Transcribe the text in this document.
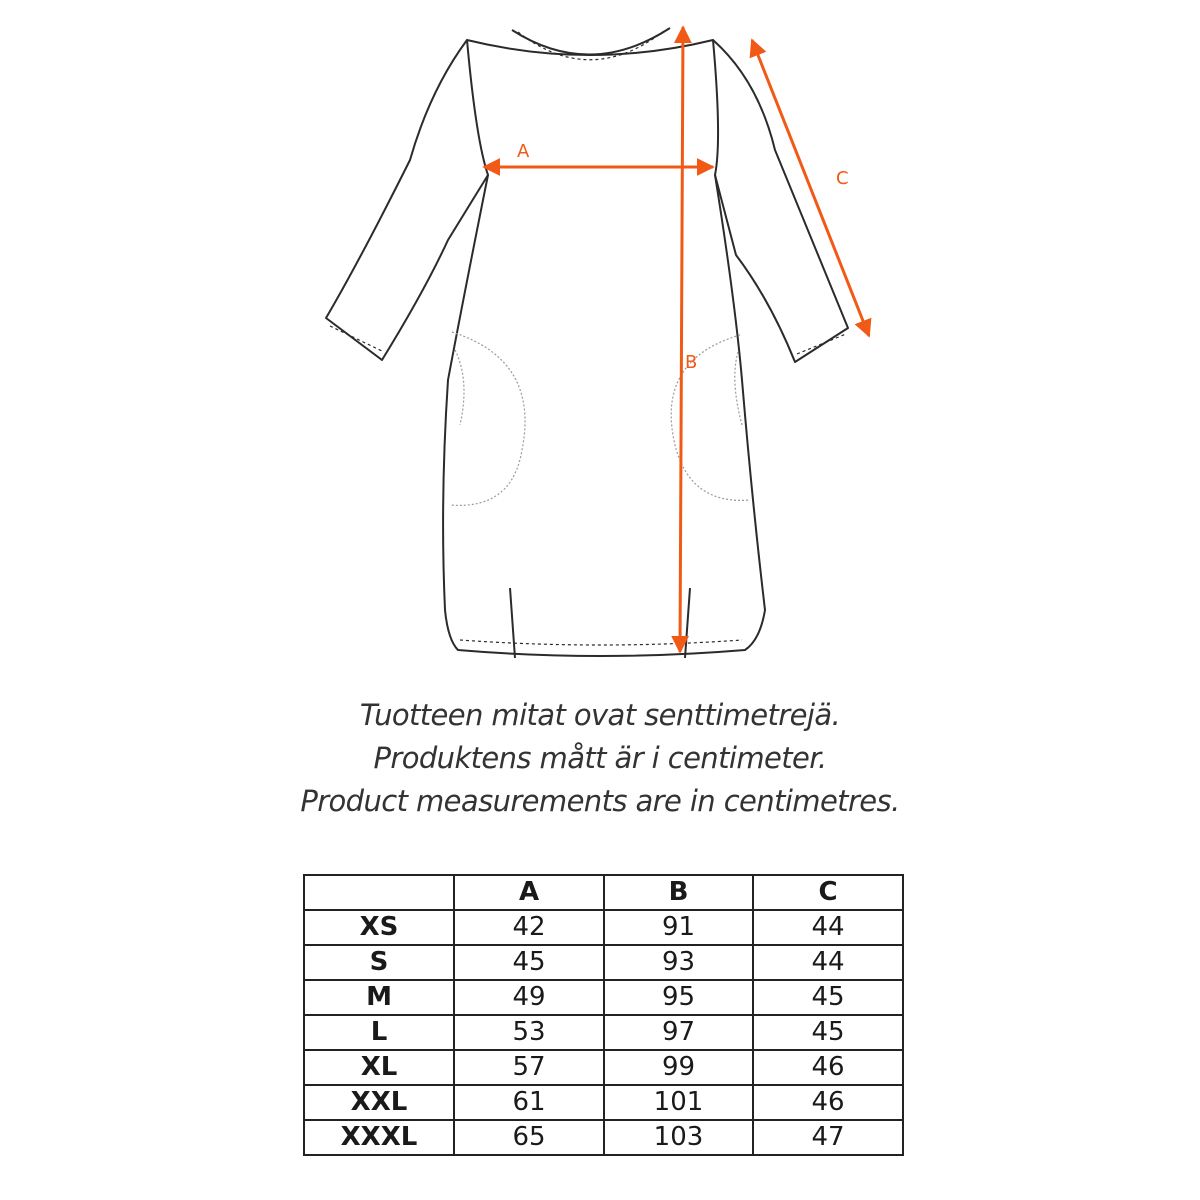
A
B
C
Tuotteen mitat ovat senttimetrejä.
Produktens mått är i centimeter.
Product measurements are in centimetres.
	A	B	C
XS	42	91	44
S	45	93	44
M	49	95	45
L	53	97	45
XL	57	99	46
XXL	61	101	46
XXXL	65	103	47
